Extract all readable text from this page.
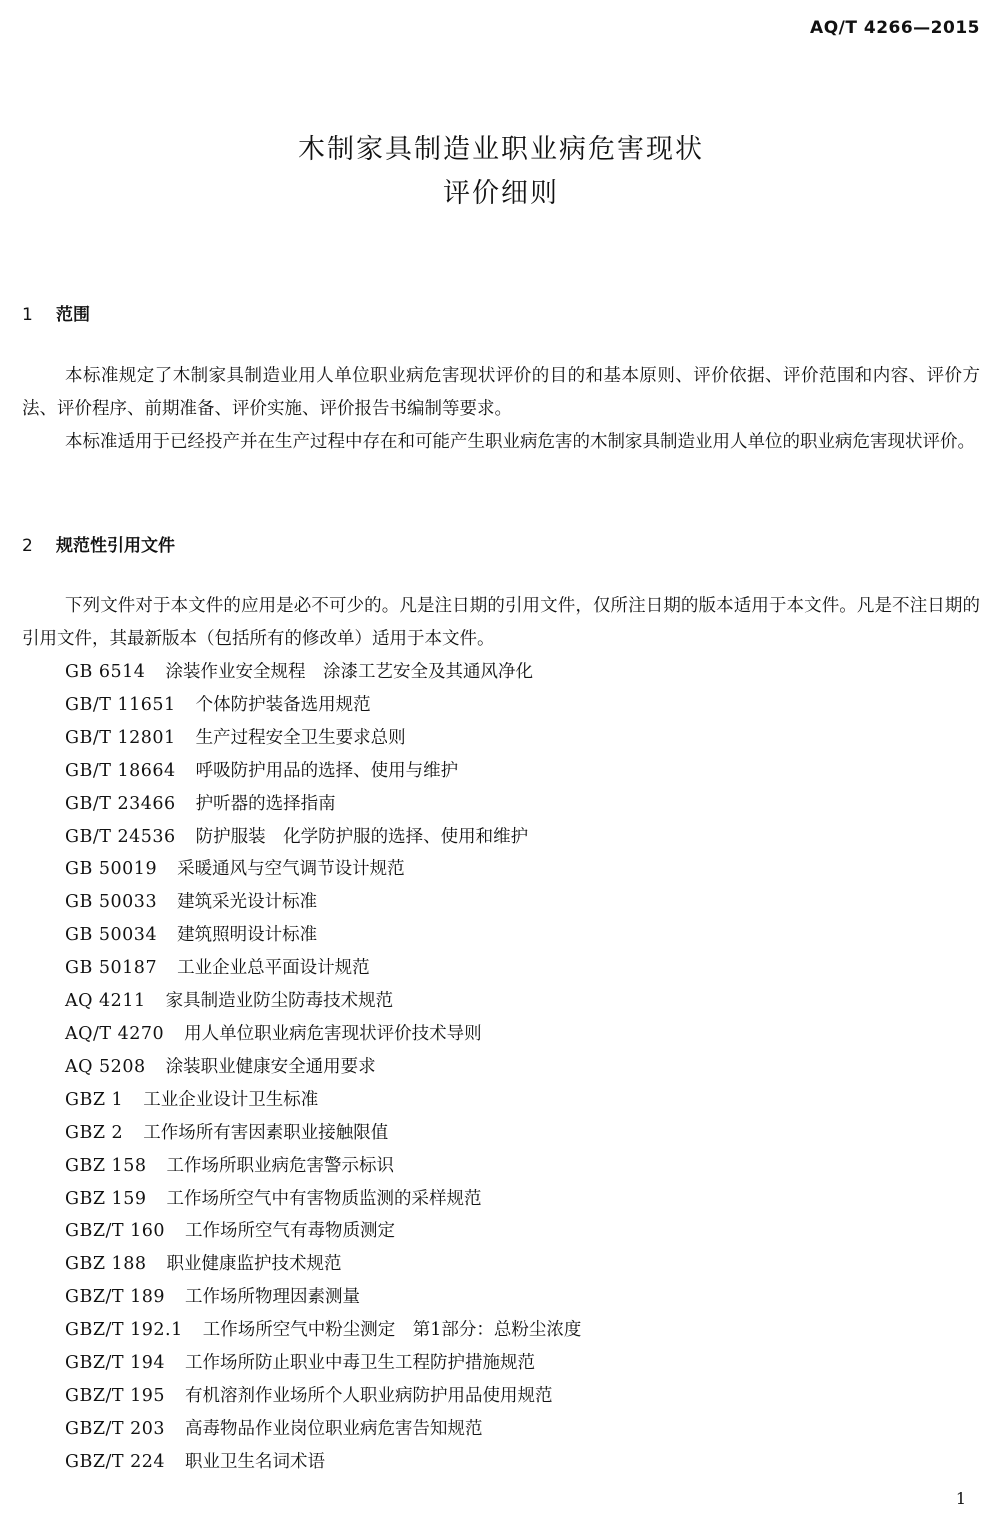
AQ/T 4266—2015
木制家具制造业职业病危害现状
评价细则
1 范围
本标准规定了木制家具制造业用人单位职业病危害现状评价的目的和基本原则、评价依据、评价范围和内容、评价方法、评价程序、前期准备、评价实施、评价报告书编制等要求。
本标准适用于已经投产并在生产过程中存在和可能产生职业病危害的木制家具制造业用人单位的职业病危害现状评价。
2 规范性引用文件
下列文件对于本文件的应用是必不可少的。凡是注日期的引用文件，仅所注日期的版本适用于本文件。凡是不注日期的引用文件，其最新版本（包括所有的修改单）适用于本文件。
GB 6514 涂装作业安全规程　涂漆工艺安全及其通风净化
GB/T 11651 个体防护装备选用规范
GB/T 12801 生产过程安全卫生要求总则
GB/T 18664 呼吸防护用品的选择、使用与维护
GB/T 23466 护听器的选择指南
GB/T 24536 防护服装　化学防护服的选择、使用和维护
GB 50019 采暖通风与空气调节设计规范
GB 50033 建筑采光设计标准
GB 50034 建筑照明设计标准
GB 50187 工业企业总平面设计规范
AQ 4211 家具制造业防尘防毒技术规范
AQ/T 4270 用人单位职业病危害现状评价技术导则
AQ 5208 涂装职业健康安全通用要求
GBZ 1 工业企业设计卫生标准
GBZ 2 工作场所有害因素职业接触限值
GBZ 158 工作场所职业病危害警示标识
GBZ 159 工作场所空气中有害物质监测的采样规范
GBZ/T 160 工作场所空气有毒物质测定
GBZ 188 职业健康监护技术规范
GBZ/T 189 工作场所物理因素测量
GBZ/T 192.1 工作场所空气中粉尘测定　第1部分：总粉尘浓度
GBZ/T 194 工作场所防止职业中毒卫生工程防护措施规范
GBZ/T 195 有机溶剂作业场所个人职业病防护用品使用规范
GBZ/T 203 高毒物品作业岗位职业病危害告知规范
GBZ/T 224 职业卫生名词术语
1
